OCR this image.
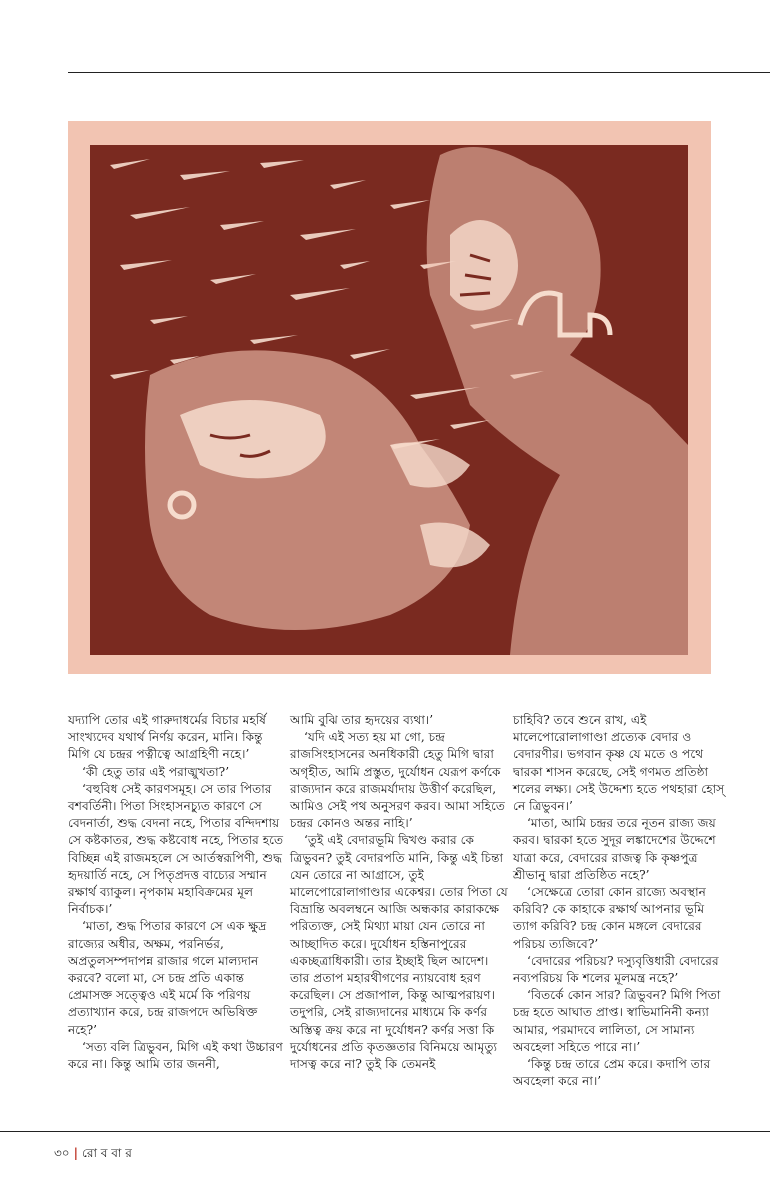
যদ্যাপি তোর এই গারুদাধর্মের বিচার মহর্ষি সাংখ্যদেব যথার্থ নির্ণয় করেন, মানি। কিন্তু মিগি যে চন্দ্রর পত্নীত্বে আগ্রহিণী নহে।’

‘কী হেতু তার এই পরাঙ্মুখতা?’

‘বহুবিধ সেই কারণসমূহ। সে তার পিতার বশবর্তিনী। পিতা সিংহাসনচ্যুত কারণে সে বেদনার্তা, শুদ্ধ বেদনা নহে, পিতার বন্দিদশায় সে কষ্টকাতর, শুদ্ধ কষ্টবোধ নহে, পিতার হতে বিচ্ছিন্ন এই রাজমহলে সে আর্তস্বরূপিণী, শুদ্ধ হৃদয়ার্তি নহে, সে পিতৃপ্রদত্ত বাচ্যের সম্মান রক্ষার্থ ব্যাকুল। নৃপকাম মহাবিক্রমের মূল নির্বাচক।’

‘মাতা, শুদ্ধ পিতার কারণে সে এক ক্ষুদ্র রাজ্যের অধীর, অক্ষম, পরনির্ভর, অপ্রতুলসম্পদাপন্ন রাজার গলে মাল্যদান করবে? বলো মা, সে চন্দ্র প্রতি একান্ত প্রেমাসক্ত সত্ত্বেও এই মর্মে কি পরিণয় প্রত্যাখ্যান করে, চন্দ্র রাজপদে অভিষিক্ত নহে?’

‘সত্য বলি ত্রিভুবন, মিগি এই কথা উচ্চারণ করে না। কিন্তু আমি তার জননী,

আমি বুঝি তার হৃদয়ের ব্যথা।’

‘যদি এই সত্য হয় মা গো, চন্দ্র রাজসিংহাসনের অনধিকারী হেতু মিগি দ্বারা অগৃহীত, আমি প্রস্তুত, দুর্যোধন যেরূপ কর্ণকে রাজ্যদান করে রাজমর্যাদায় উত্তীর্ণ করেছিল, আমিও সেই পথ অনুসরণ করব। আমা সহিতে চন্দ্রর কোনও অন্তর নাহি।’

‘তুই এই বেদারভূমি দ্বিখণ্ড করার কে ত্রিভুবন? তুই বেদারপতি মানি, কিন্তু এই চিন্তা যেন তোরে না আগ্রাসে, তুই মালেপোরোলাগাণ্ডার একেশ্বর। তোর পিতা যে বিভ্রান্তি অবলম্বনে আজি অন্ধকার কারাকক্ষে পরিত্যক্ত, সেই মিথ্যা মায়া যেন তোরে না আচ্ছাদিত করে। দুর্যোধন হস্তিনাপুরের একচ্ছত্রাধিকারী। তার ইচ্ছাই ছিল আদেশ। তার প্রতাপ মহারথীগণের ন্যায়বোধ হরণ করেছিল। সে প্রজাপাল, কিন্তু আত্মপরায়ণ। তদুপরি, সেই রাজ্যদানের মাধ্যমে কি কর্ণর অস্তিত্ব ক্রয় করে না দুর্যোধন? কর্ণর সত্তা কি দুর্যোধনের প্রতি কৃতজ্ঞতার বিনিময়ে আমৃত্যু দাসত্ব করে না? তুই কি তেমনই

চাহিবি? তবে শুনে রাখ, এই মালেপোরোলাগাণ্ডা প্রত্যেক বেদার ও বেদারণীর। ভগবান কৃষ্ণ যে মতে ও পথে দ্বারকা শাসন করেছে, সেই গণমত প্রতিষ্ঠা শলের লক্ষ্য। সেই উদ্দেশ্য হতে পথহারা হোস্‌ নে ত্রিভুবন।’

‘মাতা, আমি চন্দ্রর তরে নূতন রাজ্য জয় করব। দ্বারকা হতে সুদূর লঙ্কাদেশের উদ্দেশে যাত্রা করে, বেদারের রাজত্ব কি কৃষ্ণপুত্র শ্রীভানু দ্বারা প্রতিষ্ঠিত নহে?’

‘সেক্ষেত্রে তোরা কোন রাজ্যে অবস্থান করিবি? কে কাহাকে রক্ষার্থ আপনার ভূমি ত্যাগ করিবি? চন্দ্র কোন মঙ্গলে বেদারের পরিচয় ত্যজিবে?’

‘বেদারের পরিচয়? দস্যুবৃত্তিধারী বেদারের নব্যপরিচয় কি শলের মূলমন্ত্র নহে?’

‘বিতর্কে কোন সার? ত্রিভুবন? মিগি পিতা চন্দ্র হতে আঘাত প্রাপ্ত। স্বাভিমানিনী কন্যা আমার, পরমাদবে লালিতা, সে সামান্য অবহেলা সহিতে পারে না।’

‘কিন্তু চন্দ্র তারে প্রেম করে। কদাপি তার অবহেলা করে না।’

৩০ | রো ব বা র
